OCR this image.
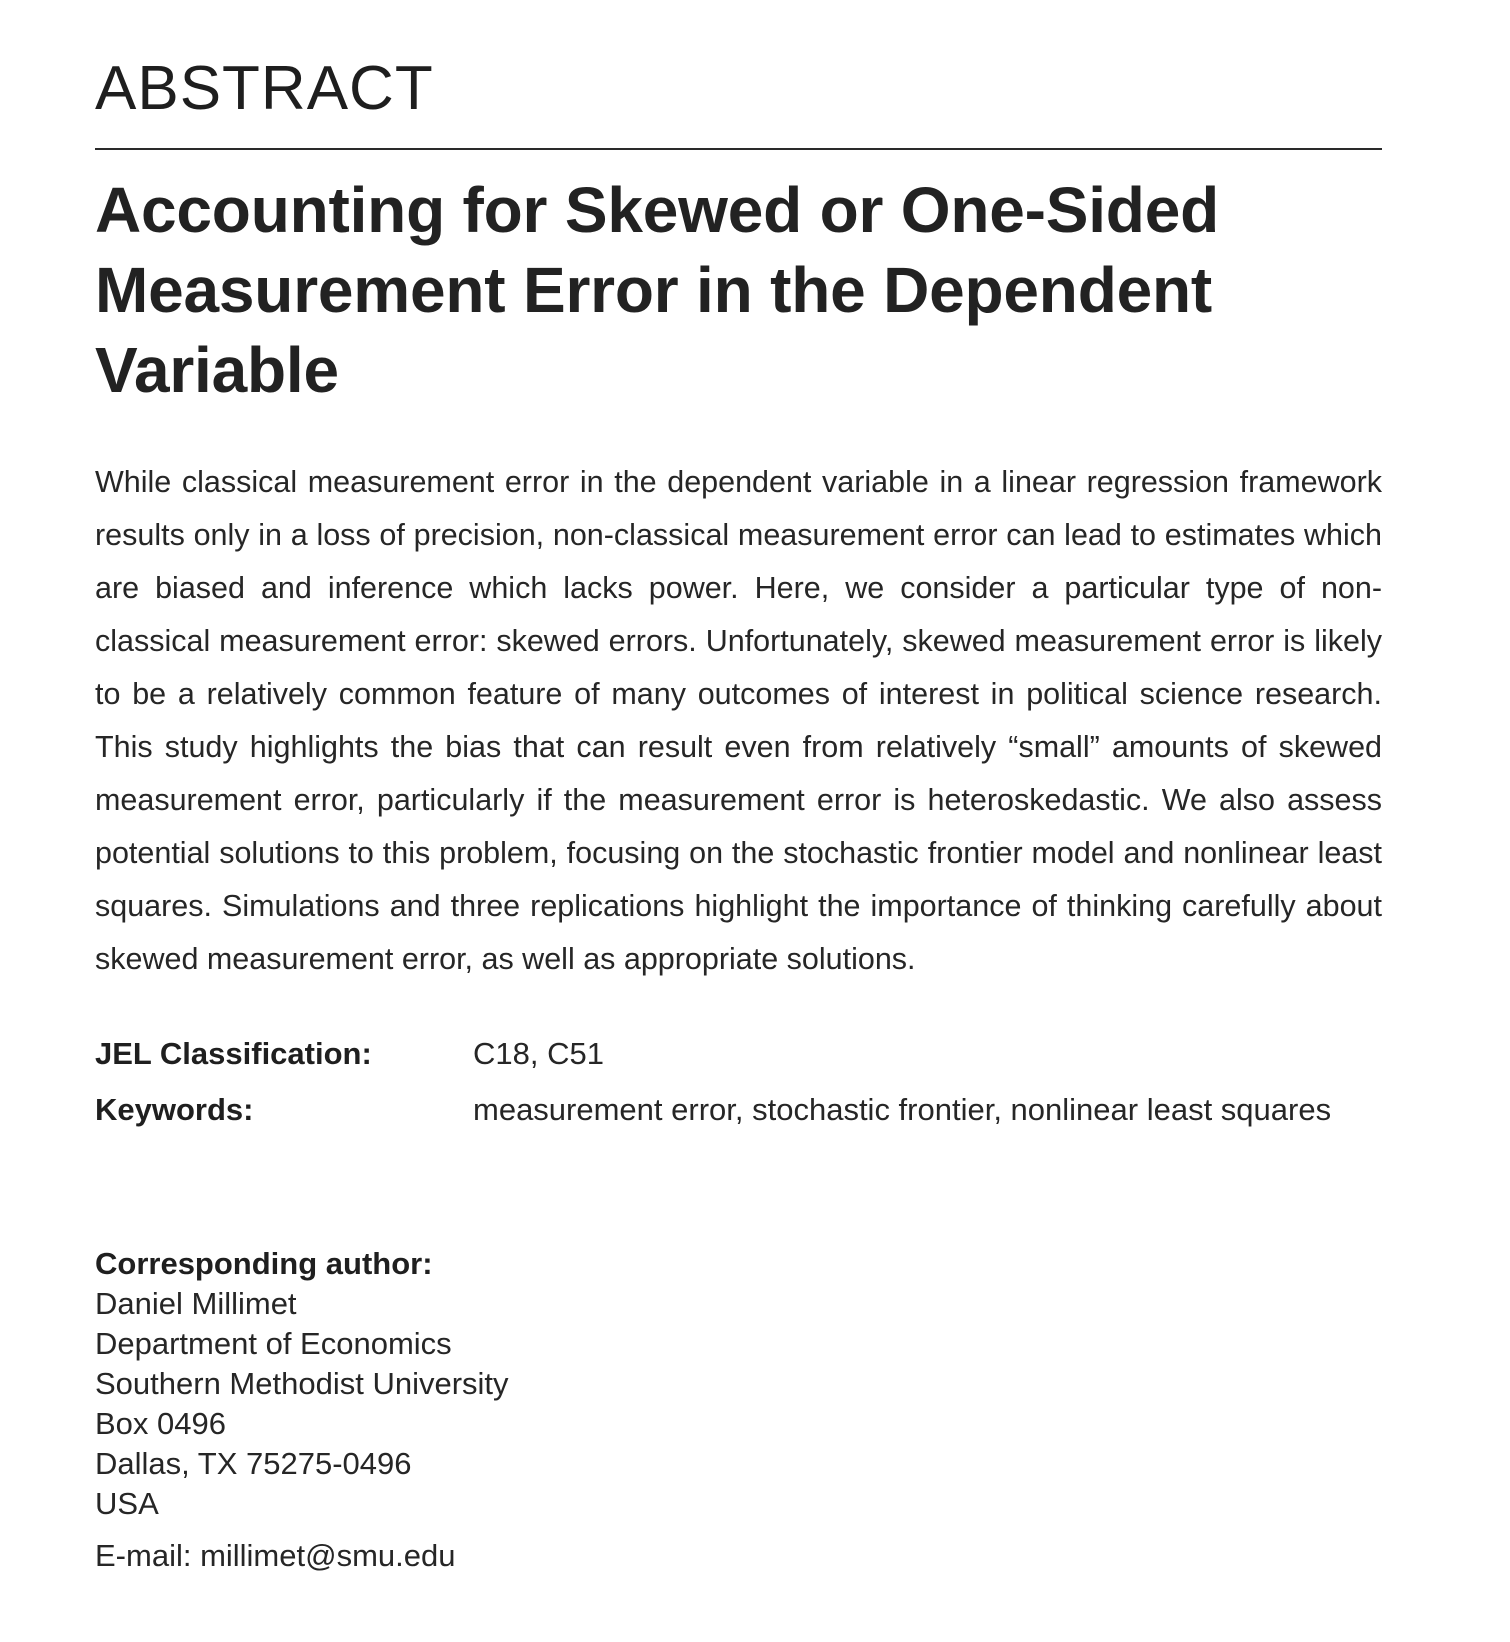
ABSTRACT
Accounting for Skewed or One-Sided Measurement Error in the Dependent Variable

While classical measurement error in the dependent variable in a linear regression framework results only in a loss of precision, non-classical measurement error can lead to estimates which are biased and inference which lacks power. Here, we consider a particular type of non-classical measurement error: skewed errors. Unfortunately, skewed measurement error is likely to be a relatively common feature of many outcomes of interest in political science research. This study highlights the bias that can result even from relatively “small” amounts of skewed measurement error, particularly if the measurement error is heteroskedastic. We also assess potential solutions to this problem, focusing on the stochastic frontier model and nonlinear least squares. Simulations and three replications highlight the importance of thinking carefully about skewed measurement error, as well as appropriate solutions.

JEL Classification:	C18, C51
Keywords:	measurement error, stochastic frontier, nonlinear least squares
Corresponding author:
Daniel Millimet
Department of Economics
Southern Methodist University
Box 0496
Dallas, TX 75275-0496
USA
E-mail: millimet@smu.edu
